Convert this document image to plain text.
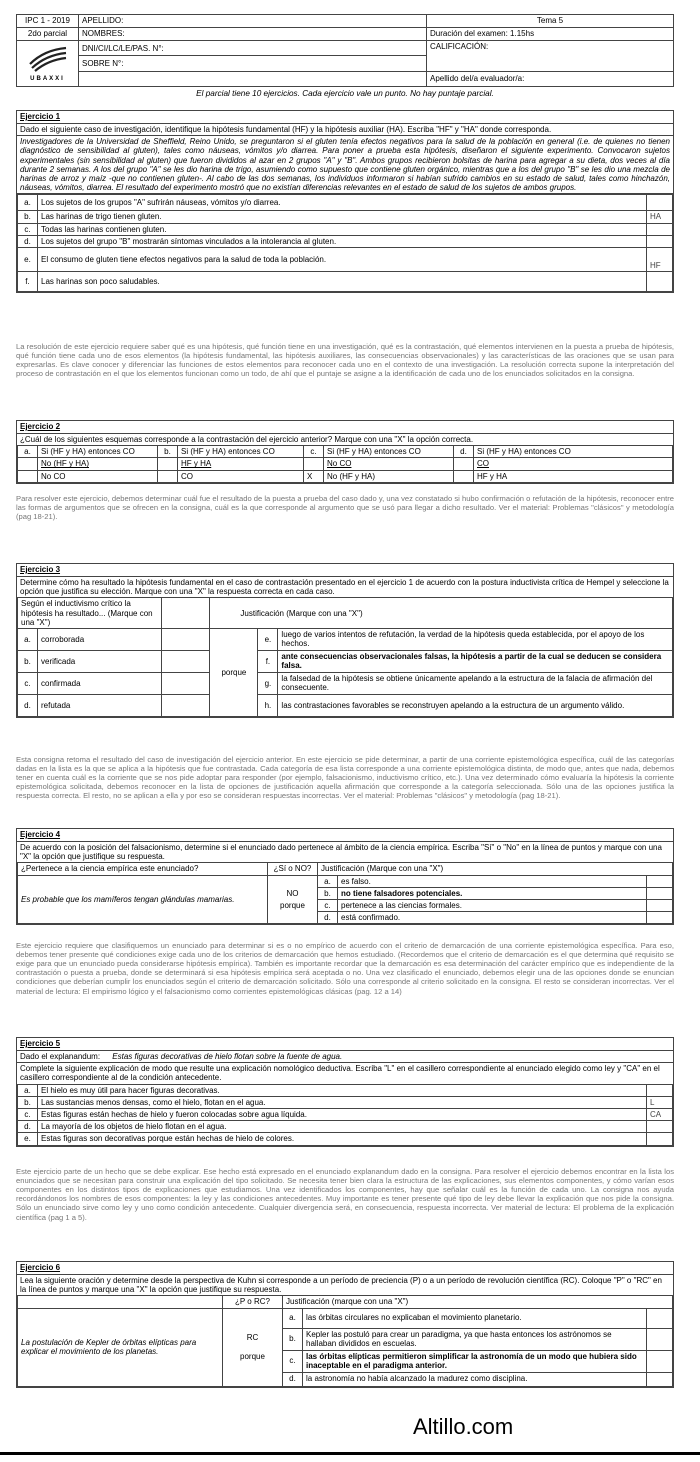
IPC 1 - 2019	APELLIDO:	Tema 5
2do parcial	NOMBRES:	Duración del examen: 1.15hs

UBAXXI	DNI/CI/LC/LE/PAS. N°:	CALIFICACIÓN:
	SOBRE N°:	
		Apellido del/a evaluador/a:
El parcial tiene 10 ejercicios. Cada ejercicio vale un punto. No hay puntaje parcial.
Ejercicio 1
Dado el siguiente caso de investigación, identifique la hipótesis fundamental (HF) y la hipótesis auxiliar (HA). Escriba "HF" y "HA" donde corresponda.
Investigadores de la Universidad de Sheffield, Reino Unido, se preguntaron si el gluten tenía efectos negativos para la salud de la población en general (i.e. de quienes no tienen diagnóstico de sensibilidad al gluten), tales como náuseas, vómitos y/o diarrea. Para poner a prueba esta hipótesis, diseñaron el siguiente experimento. Convocaron sujetos experimentales (sin sensibilidad al gluten) que fueron divididos al azar en 2 grupos "A" y "B". Ambos grupos recibieron bolsitas de harina para agregar a su dieta, dos veces al día durante 2 semanas. A los del grupo "A" se les dio harina de trigo, asumiendo como supuesto que contiene gluten orgánico, mientras que a los del grupo "B" se les dio una mezcla de harinas de arroz y maíz -que no contienen gluten-. Al cabo de las dos semanas, los individuos informaron si habían sufrido cambios en su estado de salud, tales como hinchazón, náuseas, vómitos, diarrea. El resultado del experimento mostró que no existían diferencias relevantes en el estado de salud de los sujetos de ambos grupos.
a.	Los sujetos de los grupos "A" sufrirán náuseas, vómitos y/o diarrea.	
b.	Las harinas de trigo tienen gluten.	HA
c.	Todas las harinas contienen gluten.	
d.	Los sujetos del grupo "B" mostrarán síntomas vinculados a la intolerancia al gluten.	
e.	El consumo de gluten tiene efectos negativos para la salud de toda la población.	HF
f.	Las harinas son poco saludables.	
La resolución de este ejercicio requiere saber qué es una hipótesis, qué función tiene en una investigación, qué es la contrastación, qué elementos intervienen en la puesta a prueba de hipótesis, qué función tiene cada uno de esos elementos (la hipótesis fundamental, las hipótesis auxiliares, las consecuencias observacionales) y las características de las oraciones que se usan para expresarlas. Es clave conocer y diferenciar las funciones de estos elementos para reconocer cada uno en el contexto de una investigación. La resolución correcta supone la interpretación del proceso de contrastación en el que los elementos funcionan como un todo, de ahí que el puntaje se asigne a la identificación de cada uno de los enunciados solicitados en la consigna.
Ejercicio 2
¿Cuál de los siguientes esquemas corresponde a la contrastación del ejercicio anterior? Marque con una "X" la opción correcta.
a.	Si (HF y HA) entonces CO	b.	Si (HF y HA) entonces CO	c.	Si (HF y HA) entonces CO	d.	Si (HF y HA) entonces CO
	No (HF y HA)		HF y HA		No CO		CO
	No CO		CO	X	No (HF y HA)		HF y HA
Para resolver este ejercicio, debemos determinar cuál fue el resultado de la puesta a prueba del caso dado y, una vez constatado si hubo confirmación o refutación de la hipótesis, reconocer entre las formas de argumentos que se ofrecen en la consigna, cuál es la que corresponde al argumento que se usó para llegar a dicho resultado. Ver el material: Problemas "clásicos" y metodología (pag 18-21).
Ejercicio 3
Determine cómo ha resultado la hipótesis fundamental en el caso de contrastación presentado en el ejercicio 1 de acuerdo con la postura inductivista crítica de Hempel y seleccione la opción que justifica su elección. Marque con una "X" la respuesta correcta en cada caso.
Según el inductivismo crítico la hipótesis ha resultado... (Marque con una "X")			Justificación (Marque con una "X")		
a.	corroborada		porque	e.	luego de varios intentos de refutación, la verdad de la hipótesis queda establecida, por el apoyo de los hechos.
b.	verificada			f.	ante consecuencias observacionales falsas, la hipótesis a partir de la cual se deducen se considera falsa.
c.	confirmada			g.	la falsedad de la hipótesis se obtiene únicamente apelando a la estructura de la falacia de afirmación del consecuente.
d.	refutada			h.	las contrastaciones favorables se reconstruyen apelando a la estructura de un argumento válido.
Esta consigna retoma el resultado del caso de investigación del ejercicio anterior. En este ejercicio se pide determinar, a partir de una corriente epistemológica específica, cuál de las categorías dadas en la lista es la que se aplica a la hipótesis que fue contrastada. Cada categoría de esa lista corresponde a una corriente epistemológica distinta, de modo que, antes que nada, debemos tener en cuenta cuál es la corriente que se nos pide adoptar para responder (por ejemplo, falsacionismo, inductivismo crítico, etc.). Una vez determinado cómo evaluaría la hipótesis la corriente epistemológica solicitada, debemos reconocer en la lista de opciones de justificación aquella afirmación que corresponde a la categoría seleccionada. Sólo una de las opciones justifica la respuesta correcta. El resto, no se aplican a ella y por eso se consideran respuestas incorrectas. Ver el material: Problemas "clásicos" y metodología (pag 18-21).
Ejercicio 4
De acuerdo con la posición del falsacionismo, determine si el enunciado dado pertenece al ámbito de la ciencia empírica. Escriba "Sí" o "No" en la línea de puntos y marque con una "X" la opción que justifique su respuesta.
¿Pertenece a la ciencia empírica este enunciado?	¿Sí o NO?	Justificación (Marque con una "X")		
Es probable que los mamíferos tengan glándulas mamarias.	NO
porque	a.	es falso.	
		b.	no tiene falsadores potenciales.	
		c.	pertenece a las ciencias formales.	
		d.	está confirmado.	
Este ejercicio requiere que clasifiquemos un enunciado para determinar si es o no empírico de acuerdo con el criterio de demarcación de una corriente epistemológica específica. Para eso, debemos tener presente qué condiciones exige cada uno de los criterios de demarcación que hemos estudiado. (Recordemos que el criterio de demarcación es el que determina qué requisito se exige para que un enunciado pueda considerarse hipótesis empírica). También es importante recordar que la demarcación es esa determinación del carácter empírico que es independiente de la contrastación o puesta a prueba, donde se determinará si esa hipótesis empírica será aceptada o no. Una vez clasificado el enunciado, debemos elegir una de las opciones donde se enuncian condiciones que deberían cumplir los enunciados según el criterio de demarcación solicitado. Sólo una corresponde al criterio solicitado en la consigna. El resto se consideran incorrectas. Ver el material de lectura: El empirismo lógico y el falsacionismo como corrientes epistemológicas clásicas (pag. 12 a 14)
Ejercicio 5
Dado el explanandum: Estas figuras decorativas de hielo flotan sobre la fuente de agua.
Complete la siguiente explicación de modo que resulte una explicación nomológico deductiva. Escriba "L" en el casillero correspondiente al enunciado elegido como ley y "CA" en el casillero correspondiente al de la condición antecedente.
a.	El hielo es muy útil para hacer figuras decorativas.	
b.	Las sustancias menos densas, como el hielo, flotan en el agua.	L
c.	Estas figuras están hechas de hielo y fueron colocadas sobre agua líquida.	CA
d.	La mayoría de los objetos de hielo flotan en el agua.	
e.	Estas figuras son decorativas porque están hechas de hielo de colores.	
Este ejercicio parte de un hecho que se debe explicar. Ese hecho está expresado en el enunciado explanandum dado en la consigna. Para resolver el ejercicio debemos encontrar en la lista los enunciados que se necesitan para construir una explicación del tipo solicitado. Se necesita tener bien clara la estructura de las explicaciones, sus elementos componentes, y cómo varían esos componentes en los distintos tipos de explicaciones que estudiamos. Una vez identificados los componentes, hay que señalar cuál es la función de cada uno. La consigna nos ayuda recordándonos los nombres de esos componentes: la ley y las condiciones antecedentes. Muy importante es tener presente qué tipo de ley debe llevar la explicación que nos pide la consigna. Sólo un enunciado sirve como ley y uno como condición antecedente. Cualquier divergencia será, en consecuencia, respuesta incorrecta. Ver material de lectura: El problema de la explicación científica (pag 1 a 5).
Ejercicio 6
Lea la siguiente oración y determine desde la perspectiva de Kuhn si corresponde a un período de precienciа (P) o a un período de revolución científica (RC). Coloque "P" o "RC" en la línea de puntos y marque una "X" la opción que justifique su respuesta.
	¿P o RC?	Justificación (marque con una "X")		
La postulación de Kepler de órbitas elípticas para explicar el movimiento de los planetas.	RC
porque	a.	las órbitas circulares no explicaban el movimiento planetario.	
		b.	Kepler las postuló para crear un paradigma, ya que hasta entonces los astrónomos se hallaban divididos en escuelas.	
		c.	las órbitas elípticas permitieron simplificar la astronomía de un modo que hubiera sido inaceptable en el paradigma anterior.	
		d.	la astronomía no había alcanzado la madurez como disciplina.	
Altillo.com
